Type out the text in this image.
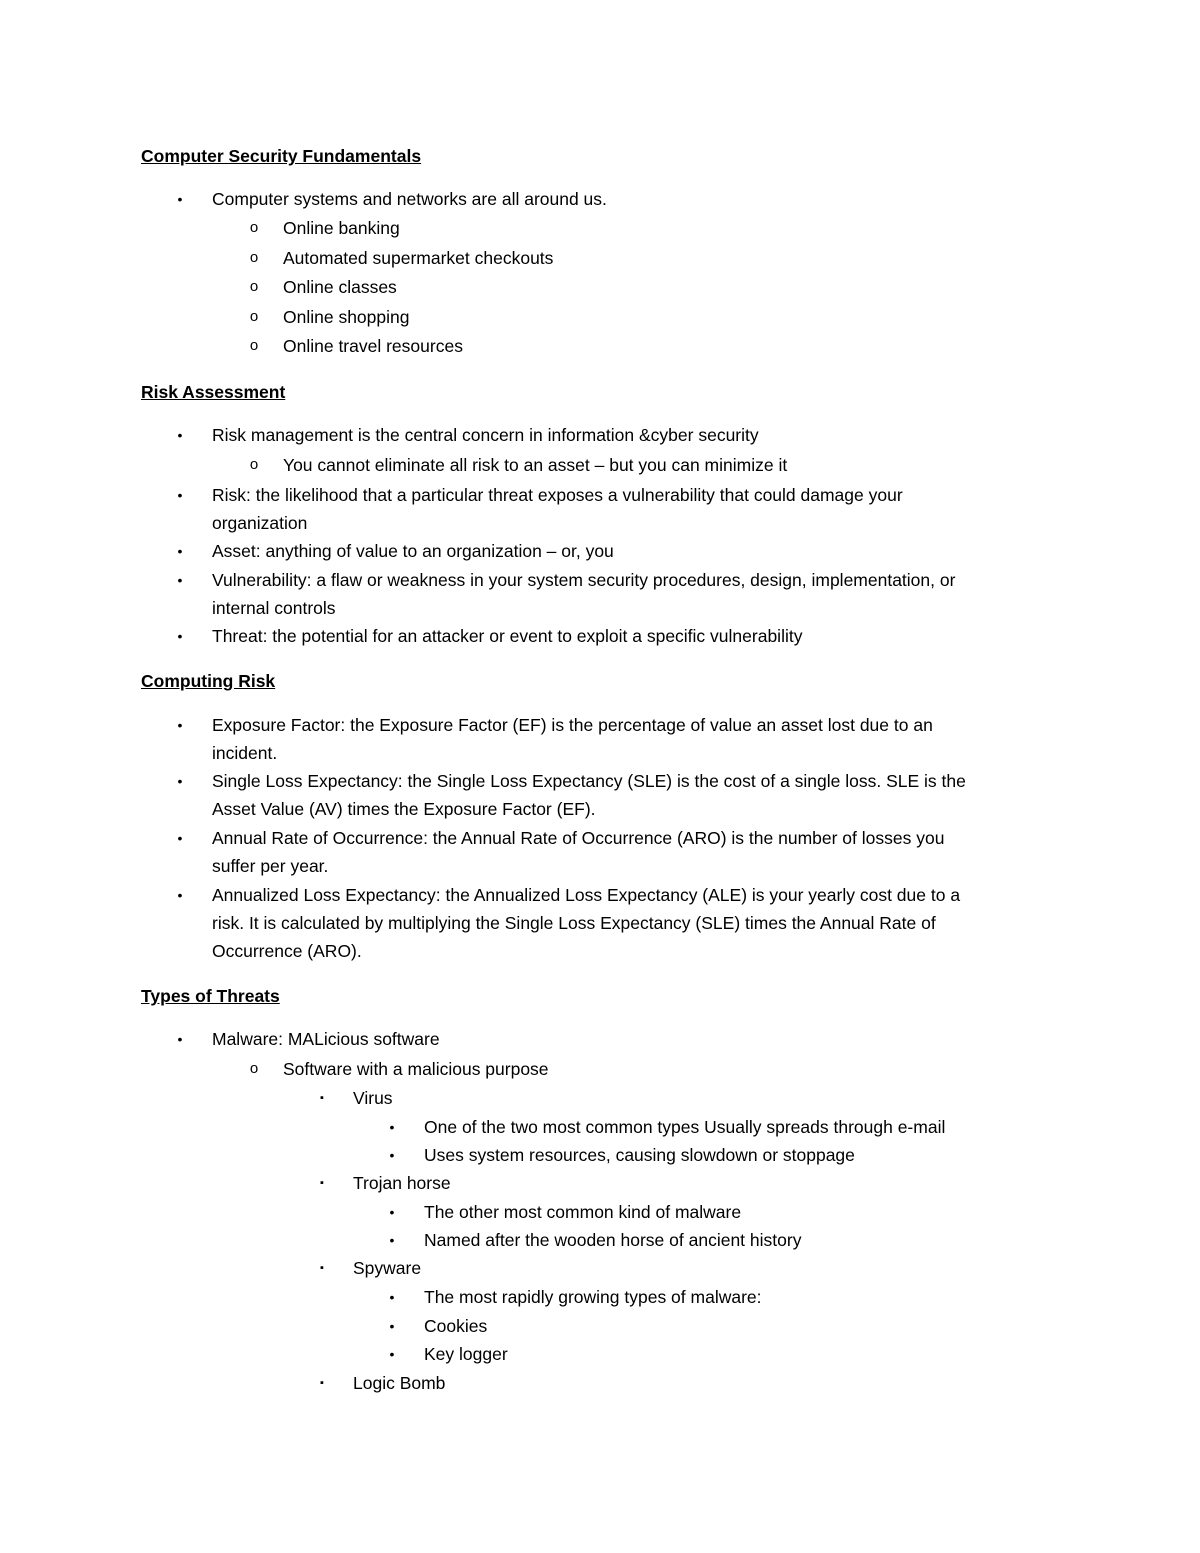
Computer Security Fundamentals
•	Computer systems and networks are all around us.
o Online banking
o Automated supermarket checkouts
o Online classes
o Online shopping
o Online travel resources
Risk Assessment
•	Risk management is the central concern in information &cyber security
o You cannot eliminate all risk to an asset – but you can minimize it
•	Risk: the likelihood that a particular threat exposes a vulnerability that could damage your
organization
•	Asset: anything of value to an organization – or, you
•	Vulnerability: a flaw or weakness in your system security procedures, design, implementation, or
internal controls
•	Threat: the potential for an attacker or event to exploit a specific vulnerability
Computing Risk
•	Exposure Factor: the Exposure Factor (EF) is the percentage of value an asset lost due to an
incident.
•	Single Loss Expectancy: the Single Loss Expectancy (SLE) is the cost of a single loss. SLE is the
Asset Value (AV) times the Exposure Factor (EF).
•	Annual Rate of Occurrence: the Annual Rate of Occurrence (ARO) is the number of losses you
suffer per year.
•	Annualized Loss Expectancy: the Annualized Loss Expectancy (ALE) is your yearly cost due to a
risk. It is calculated by multiplying the Single Loss Expectancy (SLE) times the Annual Rate of
Occurrence (ARO).
Types of Threats
•	Malware: MALicious software
o Software with a malicious purpose
▪	Virus
•	One of the two most common types Usually spreads through e-mail
•	Uses system resources, causing slowdown or stoppage
▪	Trojan horse
•	The other most common kind of malware
•	Named after the wooden horse of ancient history
▪	Spyware
•	The most rapidly growing types of malware:
•	Cookies
•	Key logger
▪	Logic Bomb
